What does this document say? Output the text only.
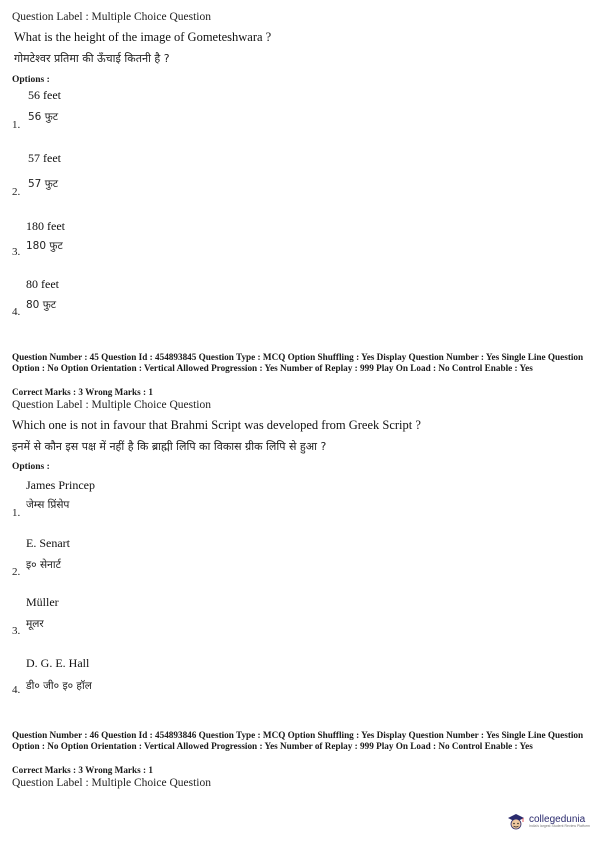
Question Label : Multiple Choice Question
What is the height of the image of Gometeshwara ?
गोमटेश्वर प्रतिमा की ऊँचाई कितनी है ?
Options :
56 feet
56 फुट
1.
57 feet
57 फुट
2.
180 feet
180 फुट
3.
80 feet
80 फुट
4.
Question Number : 45 Question Id : 454893845 Question Type : MCQ Option Shuffling : Yes Display Question Number : Yes Single Line Question Option : No Option Orientation : Vertical Allowed Progression : Yes Number of Replay : 999 Play On Load : No Control Enable : Yes
Correct Marks : 3 Wrong Marks : 1
Question Label : Multiple Choice Question
Which one is not in favour that Brahmi Script was developed from Greek Script ?
इनमें से कौन इस पक्ष में नहीं है कि ब्राह्मी लिपि का विकास ग्रीक लिपि से हुआ ?
Options :
James Princep
जेम्स प्रिंसेप
1.
E. Senart
इ० सेनार्ट
2.
Müller
मूलर
3.
D. G. E. Hall
डी० जी० इ० हॉल
4.
Question Number : 46 Question Id : 454893846 Question Type : MCQ Option Shuffling : Yes Display Question Number : Yes Single Line Question Option : No Option Orientation : Vertical Allowed Progression : Yes Number of Replay : 999 Play On Load : No Control Enable : Yes
Correct Marks : 3 Wrong Marks : 1
Question Label : Multiple Choice Question
collegedunia
India's largest Student Review Platform
